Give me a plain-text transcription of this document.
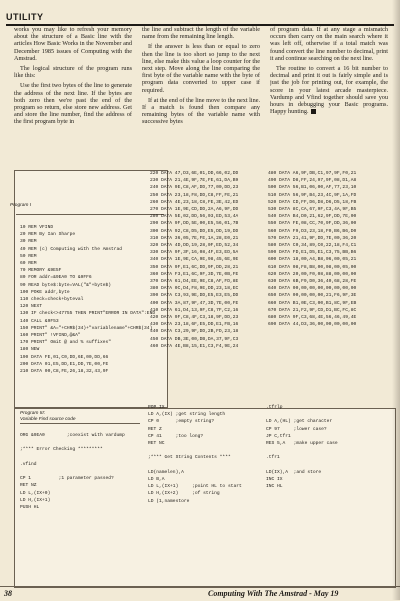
UTILITY

works you may like to refresh your memory about the structure of a Basic line with the articles How Basic Works in the November and December 1985 issues of Computing with the Amstrad.

The logical structure of the program runs like this:

Use the first two bytes of the line to generate the address of the next line. If the bytes are both zero then we're past the end of the program so return, else store new address. Get and store the line number, find the address of the first program byte in

the line and subtract the length of the variable name from the remaining line length.

If the answer is less than or equal to zero then the line is too short so jump to the next line, else make this value a loop counter for the next step. Move along the line comparing the first byte of the variable name with the byte of program data converted to upper case if required.

If at the end of the line move to the next line. If a match is found then compare any remaining bytes of the variable name with successive bytes

of program data. If at any stage a mismatch occurs then carry on the main search where it was left off, otherwise if a total match was found convert the line number to decimal, print it and continue searching on the next line.

The routine to convert a 16 bit number to decimal and print it out is fairly simple and is just the job for printing out, for example, the score in your latest arcade masterpiece. Vardump and Vfind together should save you hours in debugging your Basic programs. Happy hunting.

Program I
10 REM VFIND
20 REM By Ian Sharpe
30 REM
40 REM (c) Computing with the Amstrad
50 REM
60 REM
70 MEMORY &9E5F
80 FOR addr=&9EA0 TO &9FF6
90 READ byte$:byte=VAL("&"+byte$)
100 POKE addr,byte
110 check=check+byteval
120 NEXT
130 IF check<>47755 THEN PRINT"ERROR IN DATA":END
140 CALL &9F53
150 PRINT" &A="+CHR$(34)+"variablename"+CHR$(34)
160 PRINT" !VFIND,@&A"
170 PRINT" Omit @ and % suffixes"
180 NEW
190 DATA FE,01,C0,DD,6E,00,DD,66
200 DATA 01,E5,DD,E1,DD,7E,00,FE
210 DATA 00,C8,FE,26,18,32,43,9F
220 DATA 47,D3,6E,01,DD,66,02,DD
230 DATA 21,4E,9F,7E,FE,61,DA,B9
240 DATA 9E,C8,AF,DD,77,00,DD,23
250 DATA 23,18,F8,DD,C8,FF,FE,21
260 DATA 4E,23,18,C8,FE,3E,42,ED
270 DATA 1E,9E,CD,DD,2A,A6,9F,DD
280 DATA 5E,02,DD,56,03,ED,53,4A
290 DATA 9F,DD,5E,00,E5,56,01,7B
300 DATA 92,C8,D5,DD,E5,DD,19,DD
310 DATA 36,05,7E,FE,1A,28,E0,21
320 DATA 4D,DD,19,28,0F,ED,52,34
330 DATA 9F,3F,16,08,4F,E3,ED,5A
340 DATA 1E,9E,CA,9E,98,45,6E,9E
350 DATA 9F,E1,6C,DD,9F,DD,28,21
360 DATA F3,E1,6C,9F,3D,7E,0B,FE
370 DATA 61,D4,EE,9E,C8,AF,FD,8E
380 DATA 0C,D4,F8,9E,DD,23,18,EC
390 DATA C3,93,9E,DD,E5,E3,E5,DD
400 DATA 3A,87,9F,47,3D,7E,00,FE
410 DATA 61,D4,13,9F,C8,7F,C2,16
420 DATA 9F,C8,4F,C3,18,9F,DD,23
430 DATA 23,18,6F,E5,DD,E1,FB,16
440 DATA C3,29,9F,DD,2B,FD,23,18
450 DATA DB,3E,00,DB,DA,37,9F,C3
460 DATA 4E,B8,15,E1,C3,F4,9E,24
480 DATA A6,9F,DB,C1,97,9F,F0,21
490 DATA D8,FF,24,97,9F,08,D1,A8
500 DATA 56,B1,06,00,AF,77,23,10
510 DATA 56,9F,B4,23,4C,9F,1A,FD
520 DATA CD,FF,D6,D8,D6,D5,18,FB
530 DATA 8C,CA,67,9F,C3,4A,9F,B5
540 DATA B4,D0,21,62,9F,DD,7E,00
550 DATA FE,08,CC,70,9F,DD,36,00
560 DATA F9,D3,23,18,F0,B6,B6,D0
570 DATA 21,41,9F,DD,7E,00,36,20
580 DATA C0,34,89,C0,22,18,F4,C1
590 DATA FD,E1,D5,E1,C3,75,BB,B6
600 DATA 18,00,A4,B8,06,00,05,21
610 DATA 08,F8,B8,00,08,00,05,00
620 DATA 20,00,F0,08,88,00,00,00
630 DATA 6B,F9,D0,36,40,68,28,FE
640 DATA 00,00,00,00,00,00,00,00
650 DATA 00,00,00,00,21,F6,9F,3E
660 DATA B1,0E,C3,00,B1,8C,9F,EB
670 DATA 21,F2,9F,CD,D1,BC,FC,8C
680 DATA 9F,C3,68,4E,56,46,49,4E
690 DATA 44,D3,36,00,00,00,00,00
Program III:
Variable Find source code
ORG &9EA0        ;coexist with vardump

;**** Error Checking *********

.vfind

CP 1          ;1 parameter passed?
RET NZ
LD L,(IX+0)
LD H,(IX+1)
PUSH HL
POP IX
LD A,(IX) ;get string length
CP 0      ;empty string?
RET Z
CP 41     ;too long?
RET NC

;**** Get String Contents ****

LD(namelen),A
LD B,A
LD L,(IX+1)     ;point HL to start
LD H,(IX+2)     ;of string
LD (1,namestore
.tfrlp

LD A,(HL) ;get character
CP 97     ;lower case?
JP C,tfr1
RES 5,A   ;make upper case

.tfr1

LD(IX),A  ;and store
INC IX
INC HL
38	Computing With The Amstrad - May 19
